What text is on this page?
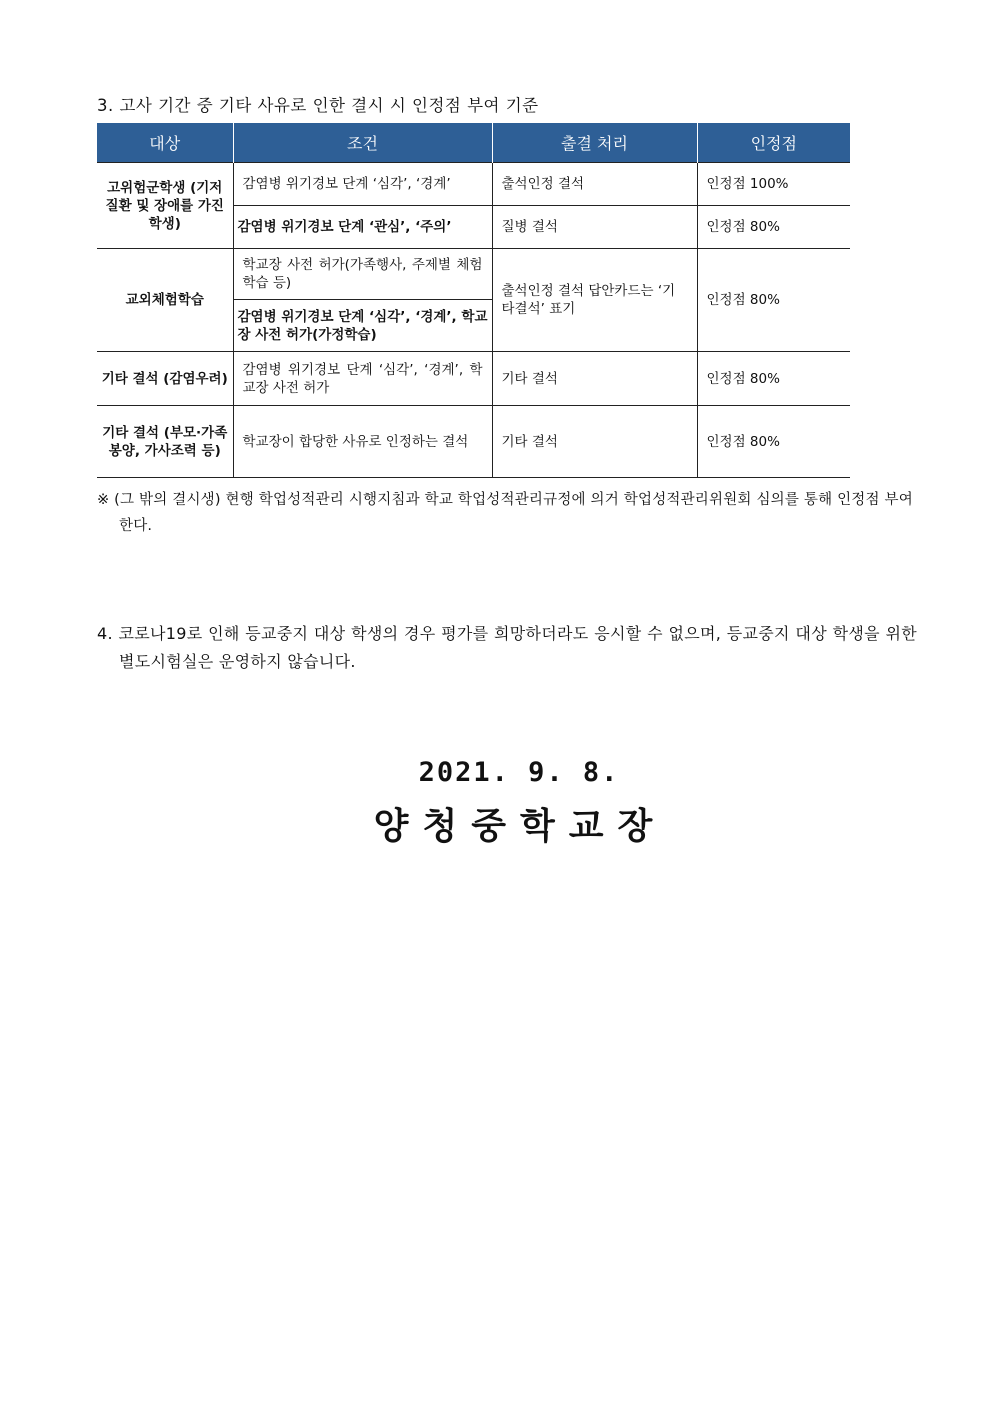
3. 고사 기간 중 기타 사유로 인한 결시 시 인정점 부여 기준
대상	조건	출결 처리	인정점
고위험군학생 (기저질환 및 장애를 가진 학생)	감염병 위기경보 단계 ‘심각’, ‘경계’	출석인정 결석	인정점 100%
	감염병 위기경보 단계 ‘관심’, ‘주의’	질병 결석	인정점 80%
교외체험학습	학교장 사전 허가(가족행사, 주제별 체험학습 등)	출석인정 결석 답안카드는 ‘기타결석’ 표기	인정점 80%
	감염병 위기경보 단계 ‘심각’, ‘경계’, 학교장 사전 허가(가정학습)		
기타 결석 (감염우려)	감염병 위기경보 단계 ‘심각’, ‘경계’, 학교장 사전 허가	기타 결석	인정점 80%
기타 결석 (부모·가족봉양, 가사조력 등)	학교장이 합당한 사유로 인정하는 결석	기타 결석	인정점 80%
※ (그 밖의 결시생) 현행 학업성적관리 시행지침과 학교 학업성적관리규정에 의거 학업성적관리위원회 심의를 통해 인정점 부여한다.
4. 코로나19로 인해 등교중지 대상 학생의 경우 평가를 희망하더라도 응시할 수 없으며, 등교중지 대상 학생을 위한 별도시험실은 운영하지 않습니다.
2021. 9. 8.
양청중학교장
